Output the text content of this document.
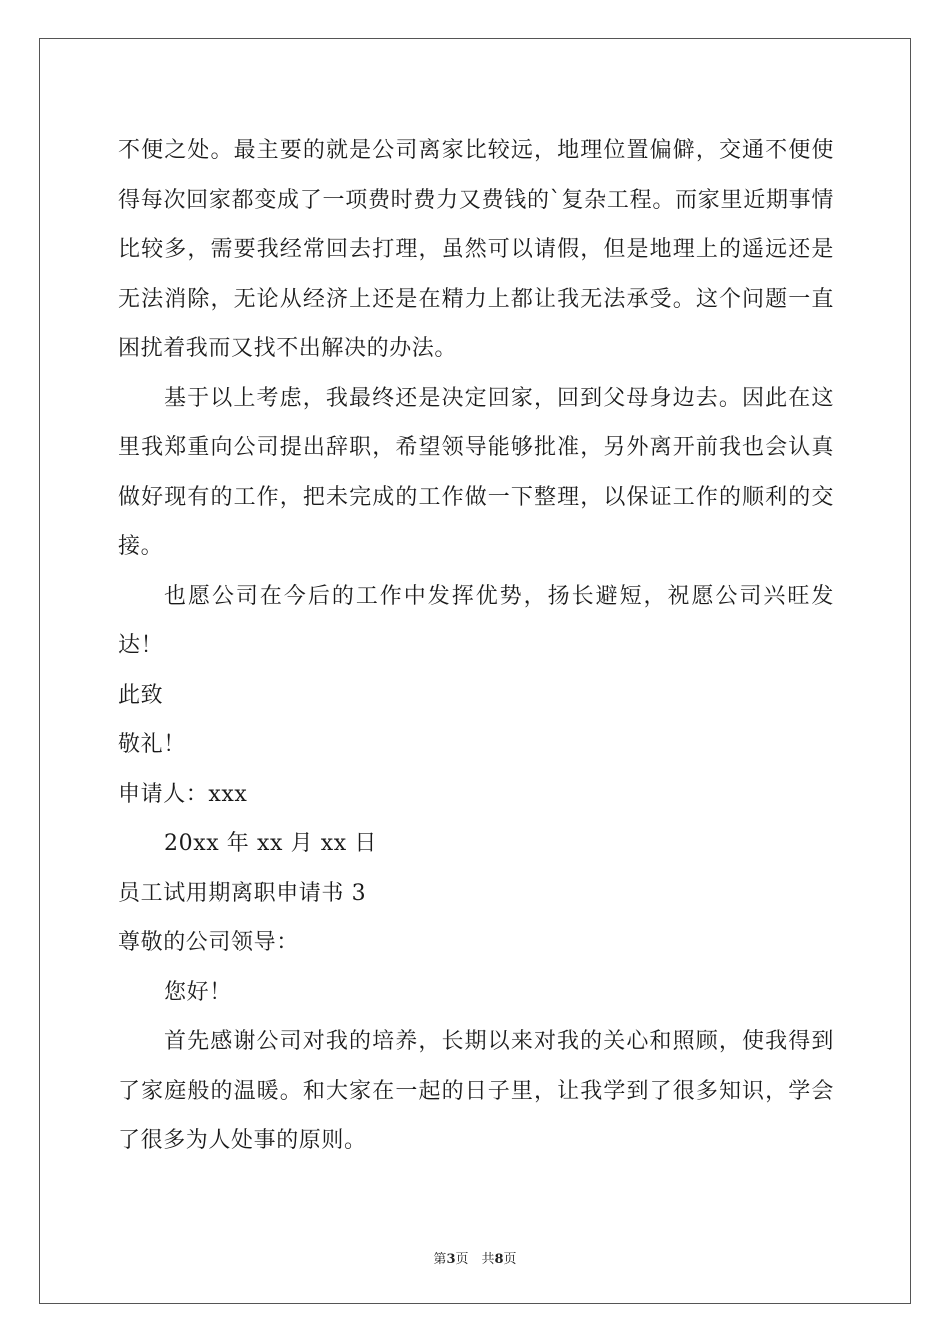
不便之处。最主要的就是公司离家比较远，地理位置偏僻，交通不便使得每次回家都变成了一项费时费力又费钱的`复杂工程。而家里近期事情比较多，需要我经常回去打理，虽然可以请假，但是地理上的遥远还是无法消除，无论从经济上还是在精力上都让我无法承受。这个问题一直困扰着我而又找不出解决的办法。

基于以上考虑，我最终还是决定回家，回到父母身边去。因此在这里我郑重向公司提出辞职，希望领导能够批准，另外离开前我也会认真做好现有的工作，把未完成的工作做一下整理，以保证工作的顺利的交接。

也愿公司在今后的工作中发挥优势，扬长避短，祝愿公司兴旺发达！

此致

敬礼！

申请人：xxx

20xx 年 xx 月 xx 日

员工试用期离职申请书 3

尊敬的公司领导：

您好！

首先感谢公司对我的培养，长期以来对我的关心和照顾，使我得到了家庭般的温暖。和大家在一起的日子里，让我学到了很多知识，学会了很多为人处事的原则。

第3页　共8页
